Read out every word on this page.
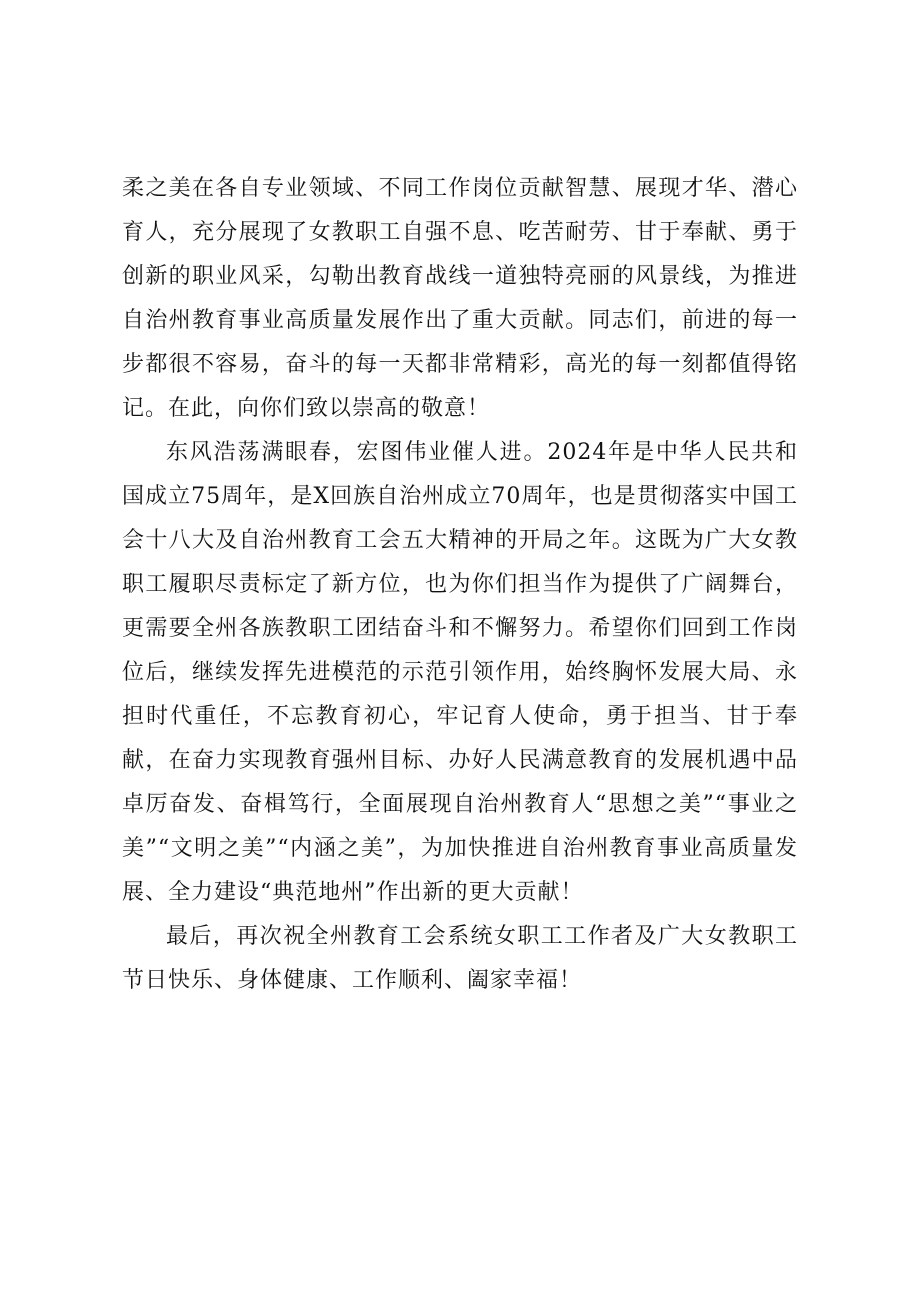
柔之美在各自专业领域、不同工作岗位贡献智慧、展现才华、潜心育人，充分展现了女教职工自强不息、吃苦耐劳、甘于奉献、勇于创新的职业风采，勾勒出教育战线一道独特亮丽的风景线，为推进自治州教育事业高质量发展作出了重大贡献。同志们，前进的每一步都很不容易，奋斗的每一天都非常精彩，高光的每一刻都值得铭记。在此，向你们致以崇高的敬意！

东风浩荡满眼春，宏图伟业催人进。2024年是中华人民共和国成立75周年，是X回族自治州成立70周年，也是贯彻落实中国工会十八大及自治州教育工会五大精神的开局之年。这既为广大女教职工履职尽责标定了新方位，也为你们担当作为提供了广阔舞台，更需要全州各族教职工团结奋斗和不懈努力。希望你们回到工作岗位后，继续发挥先进模范的示范引领作用，始终胸怀发展大局、永担时代重任，不忘教育初心，牢记育人使命，勇于担当、甘于奉献，在奋力实现教育强州目标、办好人民满意教育的发展机遇中品卓厉奋发、奋楫笃行，全面展现自治州教育人“思想之美”“事业之美”“文明之美”“内涵之美”，为加快推进自治州教育事业高质量发展、全力建设“典范地州”作出新的更大贡献！

最后，再次祝全州教育工会系统女职工工作者及广大女教职工节日快乐、身体健康、工作顺利、阖家幸福！
